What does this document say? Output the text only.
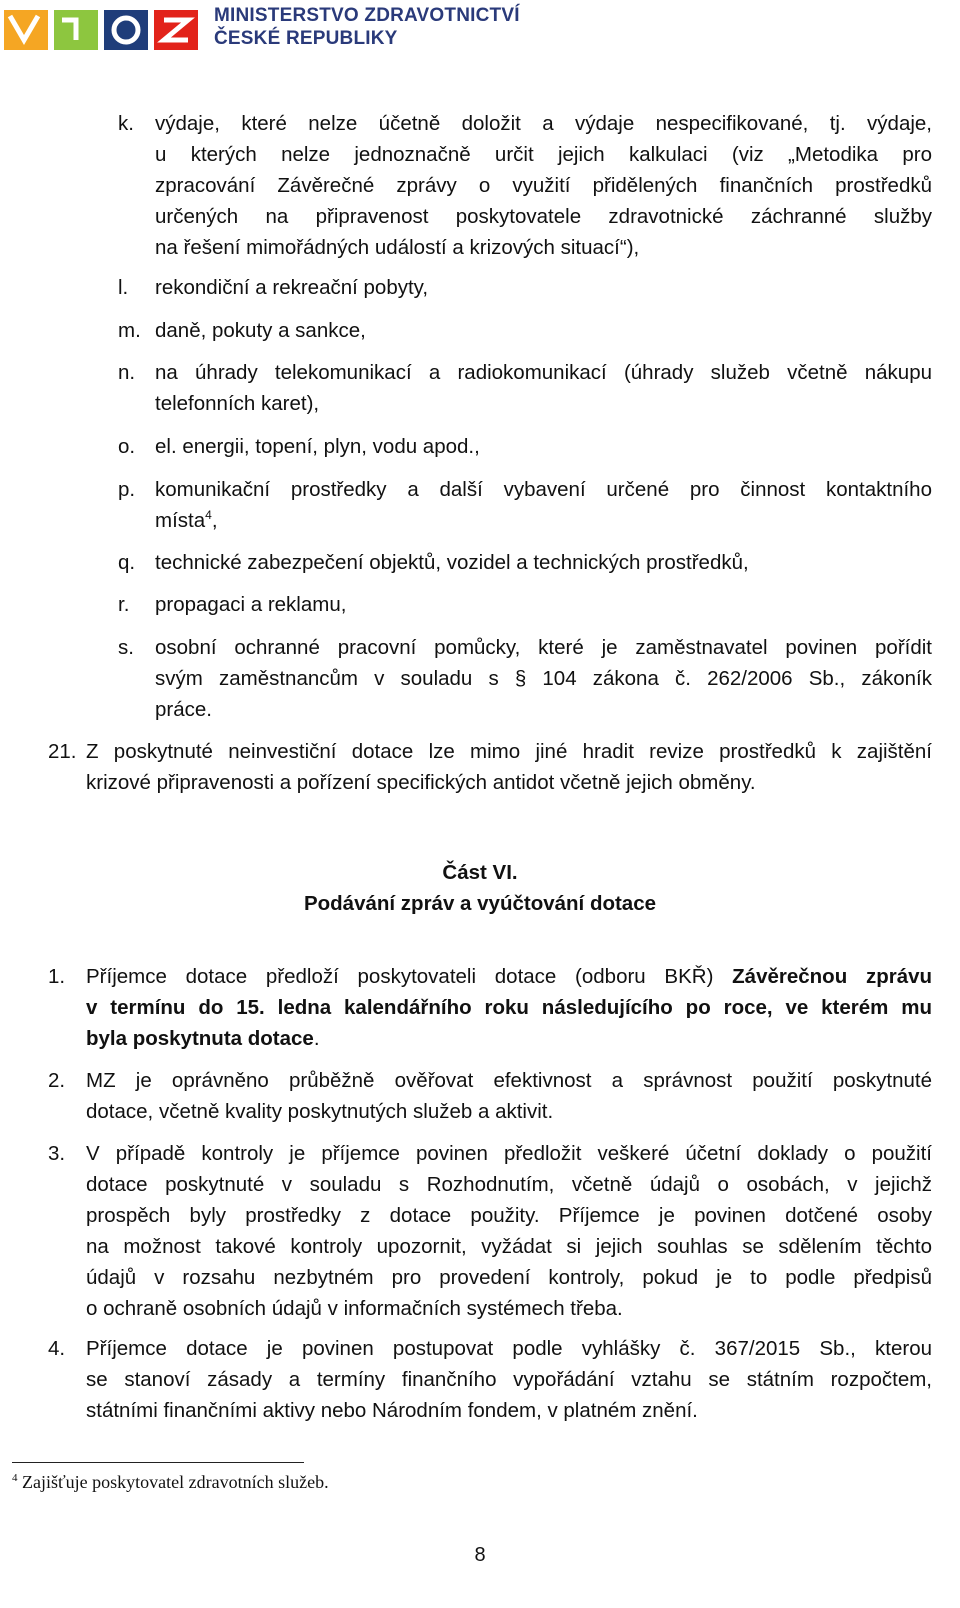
MINISTERSTVO ZDRAVOTNICTVÍ
ČESKÉ REPUBLIKY
k. výdaje, které nelze účetně doložit a výdaje nespecifikované, tj. výdaje,

u kterých nelze jednoznačně určit jejich kalkulaci (viz „Metodika pro

zpracování Závěrečné zprávy o využití přidělených finančních prostředků

určených na připravenost poskytovatele zdravotnické záchranné služby

na řešení mimořádných událostí a krizových situací“),

l. rekondiční a rekreační pobyty,
m. daně, pokuty a sankce,
n. na úhrady telekomunikací a radiokomunikací (úhrady služeb včetně nákupu

telefonních karet),

o. el. energii, topení, plyn, vodu apod.,
p. komunikační prostředky a další vybavení určené pro činnost kontaktního

místa$^4$,

q. technické zabezpečení objektů, vozidel a technických prostředků,
r. propagaci a reklamu,
s. osobní ochranné pracovní pomůcky, které je zaměstnavatel povinen pořídit

svým zaměstnancům v souladu s § 104 zákona č. 262/2006 Sb., zákoník

práce.

21. Z poskytnuté neinvestiční dotace lze mimo jiné hradit revize prostředků k zajištění

krizové připravenosti a pořízení specifických antidot včetně jejich obměny.

Část VI.
Podávání zpráv a vyúčtování dotace
1. Příjemce dotace předloží poskytovateli dotace (odboru BKŘ) Závěrečnou zprávu

v termínu do 15. ledna kalendářního roku následujícího po roce, ve kterém mu

byla poskytnuta dotace.

2. MZ je oprávněno průběžně ověřovat efektivnost a správnost použití poskytnuté

dotace, včetně kvality poskytnutých služeb a aktivit.

3. V případě kontroly je příjemce povinen předložit veškeré účetní doklady o použití

dotace poskytnuté v souladu s Rozhodnutím, včetně údajů o osobách, v jejichž

prospěch byly prostředky z dotace použity. Příjemce je povinen dotčené osoby

na možnost takové kontroly upozornit, vyžádat si jejich souhlas se sdělením těchto

údajů v rozsahu nezbytném pro provedení kontroly, pokud je to podle předpisů

o ochraně osobních údajů v informačních systémech třeba.

4. Příjemce dotace je povinen postupovat podle vyhlášky č. 367/2015 Sb., kterou

se stanoví zásady a termíny finančního vypořádání vztahu se státním rozpočtem,

státními finančními aktivy nebo Národním fondem, v platném znění.

$^4$ Zajišťuje poskytovatel zdravotních služeb.
8
